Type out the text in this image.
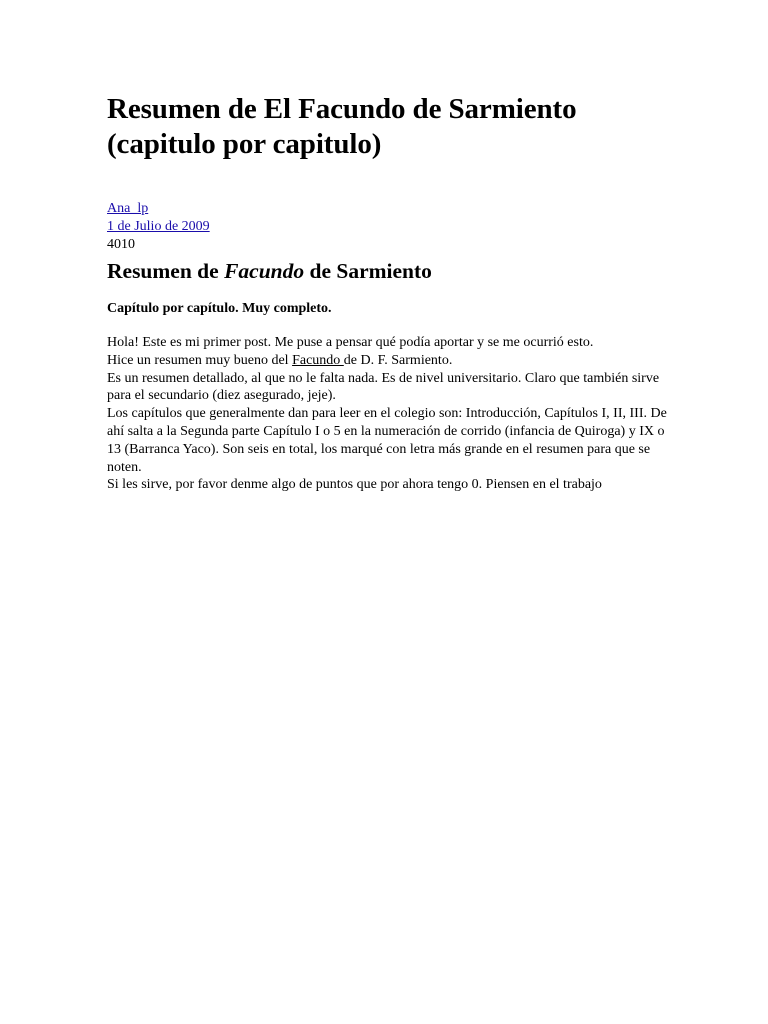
Resumen de El Facundo de Sarmiento
(capitulo por capitulo)
Ana_lp
1 de Julio de 2009
4010
Resumen de Facundo de Sarmiento

Capítulo por capítulo. Muy completo.

Hola! Este es mi primer post. Me puse a pensar qué podía aportar y se me ocurrió esto.

Hice un resumen muy bueno del Facundo de D. F. Sarmiento.

Es un resumen detallado, al que no le falta nada. Es de nivel universitario. Claro que también sirve para el secundario (diez asegurado, jeje).

Los capítulos que generalmente dan para leer en el colegio son: Introducción, Capítulos I, II, III. De ahí salta a la Segunda parte Capítulo I o 5 en la numeración de corrido (infancia de Quiroga) y IX o 13 (Barranca Yaco). Son seis en total, los marqué con letra más grande en el resumen para que se noten.

Si les sirve, por favor denme algo de puntos que por ahora tengo 0. Piensen en el trabajo
